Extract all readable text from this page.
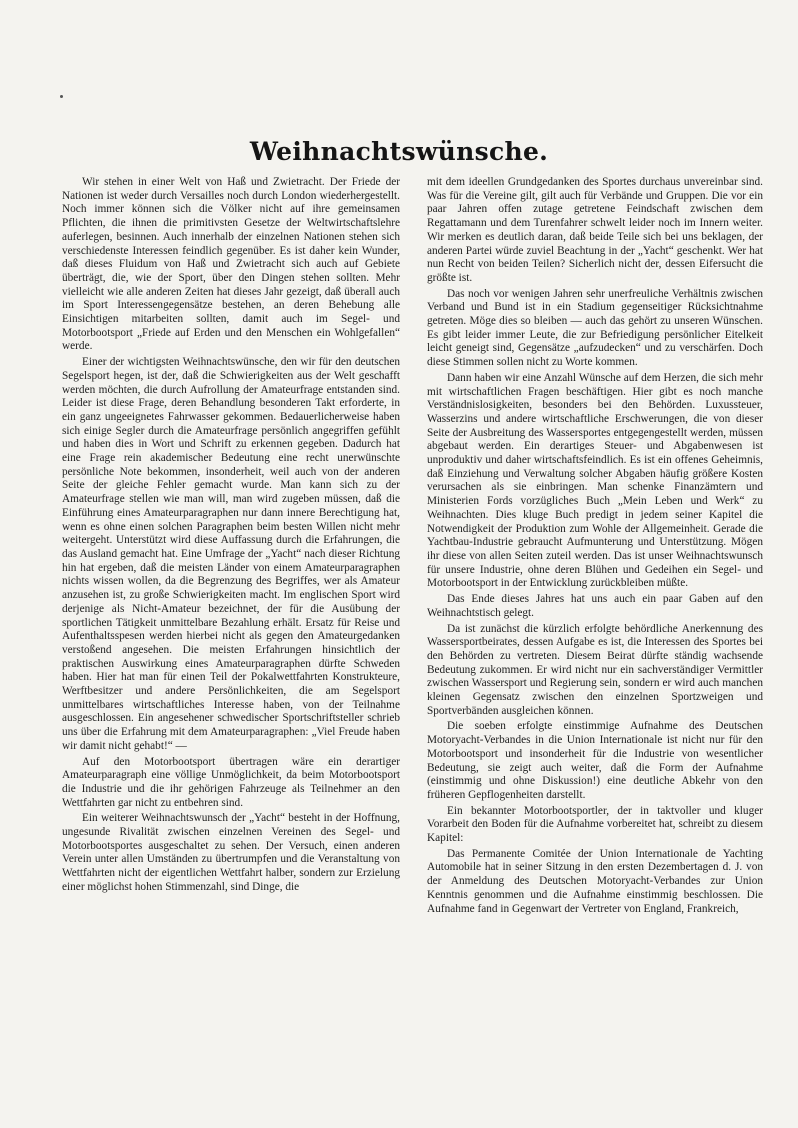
Weihnachtswünsche.

Wir stehen in einer Welt von Haß und Zwietracht. Der Friede der Nationen ist weder durch Versailles noch durch London wiederhergestellt. Noch immer können sich die Völker nicht auf ihre gemeinsamen Pflichten, die ihnen die primitivsten Gesetze der Weltwirtschaftslehre auferlegen, besinnen. Auch innerhalb der einzelnen Nationen stehen sich verschiedenste Interessen feindlich gegenüber. Es ist daher kein Wunder, daß dieses Fluidum von Haß und Zwietracht sich auch auf Gebiete überträgt, die, wie der Sport, über den Dingen stehen sollten. Mehr vielleicht wie alle anderen Zeiten hat dieses Jahr gezeigt, daß überall auch im Sport Interessengegensätze bestehen, an deren Behebung alle Einsichtigen mitarbeiten sollten, damit auch im Segel- und Motorbootsport „Friede auf Erden und den Menschen ein Wohlgefallen“ werde.

Einer der wichtigsten Weihnachtswünsche, den wir für den deutschen Segelsport hegen, ist der, daß die Schwierigkeiten aus der Welt geschafft werden möchten, die durch Aufrollung der Amateurfrage entstanden sind. Leider ist diese Frage, deren Behandlung besonderen Takt erforderte, in ein ganz ungeeignetes Fahrwasser gekommen. Bedauerlicherweise haben sich einige Segler durch die Amateurfrage persönlich angegriffen gefühlt und haben dies in Wort und Schrift zu erkennen gegeben. Dadurch hat eine Frage rein akademischer Bedeutung eine recht unerwünschte persönliche Note bekommen, insonderheit, weil auch von der anderen Seite der gleiche Fehler gemacht wurde. Man kann sich zu der Amateurfrage stellen wie man will, man wird zugeben müssen, daß die Einführung eines Amateurparagraphen nur dann innere Berechtigung hat, wenn es ohne einen solchen Paragraphen beim besten Willen nicht mehr weitergeht. Unterstützt wird diese Auffassung durch die Erfahrungen, die das Ausland gemacht hat. Eine Umfrage der „Yacht“ nach dieser Richtung hin hat ergeben, daß die meisten Länder von einem Amateurparagraphen nichts wissen wollen, da die Begrenzung des Begriffes, wer als Amateur anzusehen ist, zu große Schwierigkeiten macht. Im englischen Sport wird derjenige als Nicht-Amateur bezeichnet, der für die Ausübung der sportlichen Tätigkeit unmittelbare Bezahlung erhält. Ersatz für Reise und Aufenthaltsspesen werden hierbei nicht als gegen den Amateurgedanken verstoßend angesehen. Die meisten Erfahrungen hinsichtlich der praktischen Auswirkung eines Amateurparagraphen dürfte Schweden haben. Hier hat man für einen Teil der Pokalwettfahrten Konstrukteure, Werftbesitzer und andere Persönlichkeiten, die am Segelsport unmittelbares wirtschaftliches Interesse haben, von der Teilnahme ausgeschlossen. Ein angesehener schwedischer Sportschriftsteller schrieb uns über die Erfahrung mit dem Amateurparagraphen: „Viel Freude haben wir damit nicht gehabt!“ —

Auf den Motorbootsport übertragen wäre ein derartiger Amateurparagraph eine völlige Unmöglichkeit, da beim Motorbootsport die Industrie und die ihr gehörigen Fahrzeuge als Teilnehmer an den Wettfahrten gar nicht zu entbehren sind.

Ein weiterer Weihnachtswunsch der „Yacht“ besteht in der Hoffnung, ungesunde Rivalität zwischen einzelnen Vereinen des Segel- und Motorbootsportes ausgeschaltet zu sehen. Der Versuch, einen anderen Verein unter allen Umständen zu übertrumpfen und die Veranstaltung von Wettfahrten nicht der eigentlichen Wettfahrt halber, sondern zur Erzielung einer möglichst hohen Stimmenzahl, sind Dinge, die

mit dem ideellen Grundgedanken des Sportes durchaus unvereinbar sind. Was für die Vereine gilt, gilt auch für Verbände und Gruppen. Die vor ein paar Jahren offen zutage getretene Feindschaft zwischen dem Regattamann und dem Turenfahrer schwelt leider noch im Innern weiter. Wir merken es deutlich daran, daß beide Teile sich bei uns beklagen, der anderen Partei würde zuviel Beachtung in der „Yacht“ geschenkt. Wer hat nun Recht von beiden Teilen? Sicherlich nicht der, dessen Eifersucht die größte ist.

Das noch vor wenigen Jahren sehr unerfreuliche Verhältnis zwischen Verband und Bund ist in ein Stadium gegenseitiger Rücksichtnahme getreten. Möge dies so bleiben — auch das gehört zu unseren Wünschen. Es gibt leider immer Leute, die zur Befriedigung persönlicher Eitelkeit leicht geneigt sind, Gegensätze „aufzudecken“ und zu verschärfen. Doch diese Stimmen sollen nicht zu Worte kommen.

Dann haben wir eine Anzahl Wünsche auf dem Herzen, die sich mehr mit wirtschaftlichen Fragen beschäftigen. Hier gibt es noch manche Verständnislosigkeiten, besonders bei den Behörden. Luxussteuer, Wasserzins und andere wirtschaftliche Erschwerungen, die von dieser Seite der Ausbreitung des Wassersportes entgegengestellt werden, müssen abgebaut werden. Ein derartiges Steuer- und Abgabenwesen ist unproduktiv und daher wirtschaftsfeindlich. Es ist ein offenes Geheimnis, daß Einziehung und Verwaltung solcher Abgaben häufig größere Kosten verursachen als sie einbringen. Man schenke Finanzämtern und Ministerien Fords vorzügliches Buch „Mein Leben und Werk“ zu Weihnachten. Dies kluge Buch predigt in jedem seiner Kapitel die Notwendigkeit der Produktion zum Wohle der Allgemeinheit. Gerade die Yachtbau-Industrie gebraucht Aufmunterung und Unterstützung. Mögen ihr diese von allen Seiten zuteil werden. Das ist unser Weihnachtswunsch für unsere Industrie, ohne deren Blühen und Gedeihen ein Segel- und Motorbootsport in der Entwicklung zurückbleiben müßte.

Das Ende dieses Jahres hat uns auch ein paar Gaben auf den Weihnachtstisch gelegt.

Da ist zunächst die kürzlich erfolgte behördliche Anerkennung des Wassersportbeirates, dessen Aufgabe es ist, die Interessen des Sportes bei den Behörden zu vertreten. Diesem Beirat dürfte ständig wachsende Bedeutung zukommen. Er wird nicht nur ein sachverständiger Vermittler zwischen Wassersport und Regierung sein, sondern er wird auch manchen kleinen Gegensatz zwischen den einzelnen Sportzweigen und Sportverbänden ausgleichen können.

Die soeben erfolgte einstimmige Aufnahme des Deutschen Motoryacht-Verbandes in die Union Internationale ist nicht nur für den Motorbootsport und insonderheit für die Industrie von wesentlicher Bedeutung, sie zeigt auch weiter, daß die Form der Aufnahme (einstimmig und ohne Diskussion!) eine deutliche Abkehr von den früheren Gepflogenheiten darstellt.

Ein bekannter Motorbootsportler, der in taktvoller und kluger Vorarbeit den Boden für die Aufnahme vorbereitet hat, schreibt zu diesem Kapitel:

Das Permanente Comitée der Union Internationale de Yachting Automobile hat in seiner Sitzung in den ersten Dezembertagen d. J. von der Anmeldung des Deutschen Motoryacht-Verbandes zur Union Kenntnis genommen und die Aufnahme einstimmig beschlossen. Die Aufnahme fand in Gegenwart der Vertreter von England, Frankreich,
